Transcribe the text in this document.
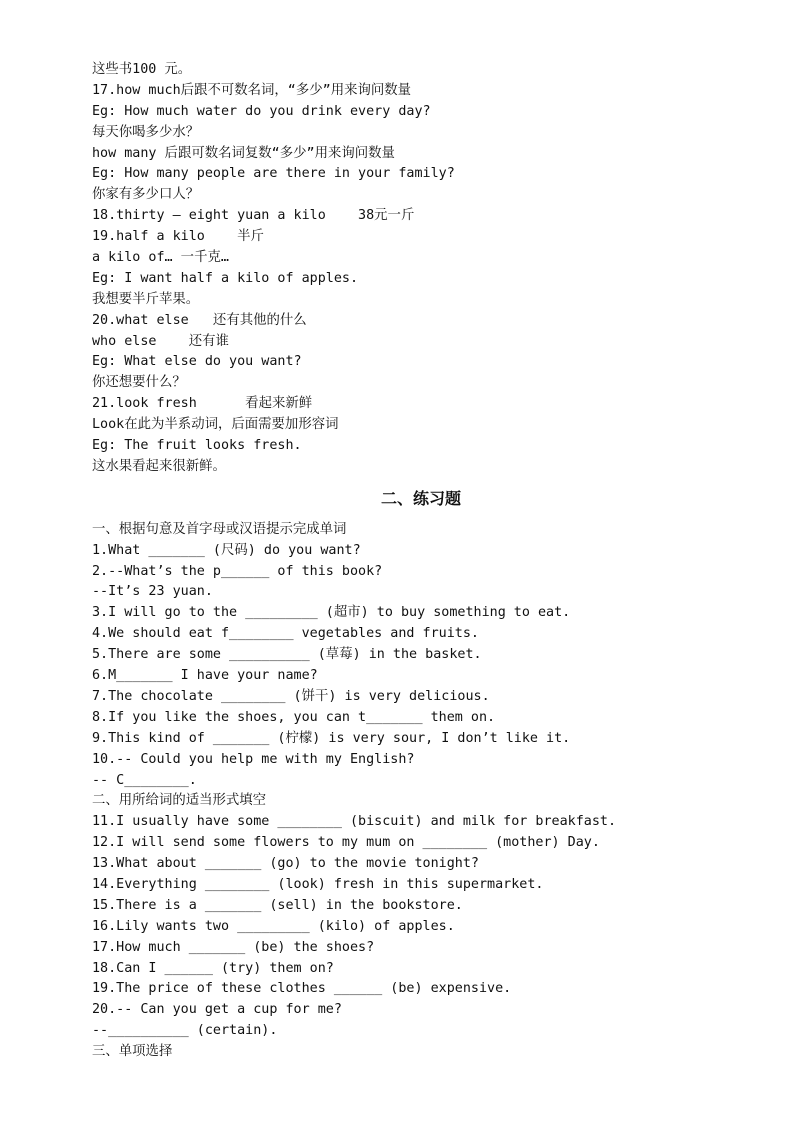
这些书100 元。
17.how much后跟不可数名词，“多少”用来询问数量
Eg: How much water do you drink every day?
每天你喝多少水？
how many 后跟可数名词复数“多少”用来询问数量
Eg: How many people are there in your family?
你家有多少口人？
18.thirty – eight yuan a kilo    38元一斤
19.half a kilo    半斤
a kilo of… 一千克…
Eg: I want half a kilo of apples.
我想要半斤苹果。
20.what else   还有其他的什么
who else    还有谁
Eg: What else do you want?
你还想要什么？
21.look fresh      看起来新鲜
Look在此为半系动词，后面需要加形容词
Eg: The fruit looks fresh.
这水果看起来很新鲜。
二、练习题
一、根据句意及首字母或汉语提示完成单词
1.What _______ (尺码) do you want?
2.--What’s the p______ of this book?
--It’s 23 yuan.
3.I will go to the _________ (超市) to buy something to eat.
4.We should eat f________ vegetables and fruits.
5.There are some __________ (草莓) in the basket.
6.M_______ I have your name?
7.The chocolate ________ (饼干) is very delicious.
8.If you like the shoes, you can t_______ them on.
9.This kind of _______ (柠檬) is very sour, I don’t like it.
10.-- Could you help me with my English?
-- C________.
二、用所给词的适当形式填空
11.I usually have some ________ (biscuit) and milk for breakfast.
12.I will send some flowers to my mum on ________ (mother) Day.
13.What about _______ (go) to the movie tonight?
14.Everything ________ (look) fresh in this supermarket.
15.There is a _______ (sell) in the bookstore.
16.Lily wants two _________ (kilo) of apples.
17.How much _______ (be) the shoes?
18.Can I ______ (try) them on?
19.The price of these clothes ______ (be) expensive.
20.-- Can you get a cup for me?
--__________ (certain).
三、单项选择
